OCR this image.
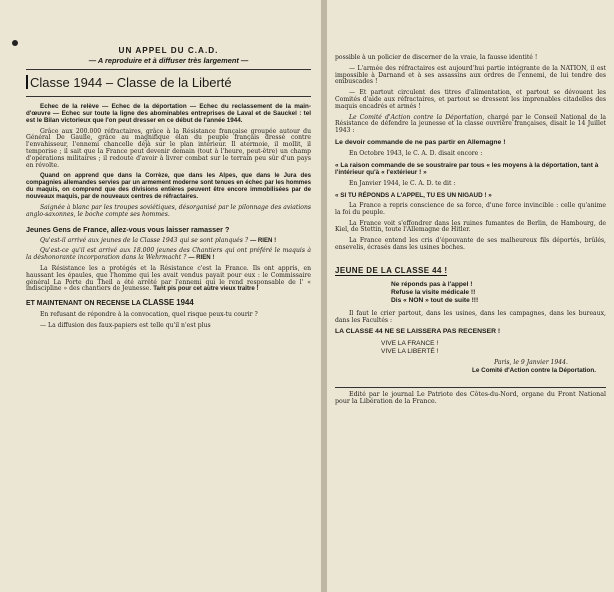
UN APPEL DU C.A.D.
— A reproduire et à diffuser très largement —
Classe 1944 – Classe de la Liberté

Echec de la relève — Echec de la déportation — Echec du reclassement de la main-d'œuvre — Echec sur toute la ligne des abominables entreprises de Laval et de Sauckel : tel est le Bilan victorieux que l'on peut dresser en ce début de l'année 1944.

Grâce aux 200.000 réfractaires, grâce à la Résistance française groupée autour du Général De Gaulle, grâce au magnifique élan du peuple français dressé contre l'envahisseur, l'ennemi chancelle déjà sur le plan intérieur. Il atermoie, il mollit, il temporise ; il sait que la France peut devenir demain (tout à l'heure, peut-être) un champ d'opérations militaires ; il redoute d'avoir à livrer combat sur le terrain peu sûr d'un pays en révolte.

Quand on apprend que dans la Corrèze, que dans les Alpes, que dans le Jura des compagnies allemandes servies par un armement moderne sont tenues en échec par les hommes du maquis, on comprend que des divisions entières peuvent être encore immobilisées par de nouveaux maquis, par de nouveaux centres de réfractaires.

Saignée à blanc par les troupes soviétiques, désorganisé par le pilonnage des aviations anglo-saxonnes, le boche compte ses hommes.

Jeunes Gens de France, allez-vous vous laisser ramasser ?

Qu'est-il arrivé aux jeunes de la Classe 1943 qui se sont planqués ? — RIEN !

Qu'est-ce qu'il est arrivé aux 18.000 jeunes des Chantiers qui ont préféré le maquis à la déshonorante incorporation dans la Wehrmacht ? — RIEN !

La Résistance les a protégés et la Résistance c'est la France. Ils ont appris, en haussant les épaules, que l'homme qui les avait vendus payait pour eux : le Commissaire général La Porte du Theil a été arrêté par l'ennemi qui le rend responsable de l' « indiscipline » des chantiers de Jeunesse. Tant pis pour cet autre vieux traître !

ET MAINTENANT ON RECENSE LA CLASSE 1944

En refusant de répondre à la convocation, quel risque peux-tu courir ?

— La diffusion des faux-papiers est telle qu'il n'est plus

possible à un policier de discerner de la vraie, la fausse identité !

— L'armée des réfractaires est aujourd'hui partie intégrante de la NATION, il est impossible à Darnand et à ses assassins aux ordres de l'ennemi, de lui tendre des embuscades !

— Et partout circulent des titres d'alimentation, et partout se dévouent les Comités d'aide aux réfractaires, et partout se dressent les imprenables citadelles des maquis encadrés et armés !

Le Comité d'Action contre la Déportation, chargé par le Conseil National de la Résistance de défendre la jeunesse et la classe ouvrière françaises, disait le 14 Juillet 1943 :

Le devoir commande de ne pas partir en Allemagne !

En Octobre 1943, le C. A. D. disait encore :

« La raison commande de se soustraire par tous « les moyens à la déportation, tant à l'intérieur qu'à « l'extérieur ! »

En Janvier 1944, le C. A. D. te dit :

« SI TU RÉPONDS A L'APPEL, TU ES UN NIGAUD ! »

La France a repris conscience de sa force, d'une force invincible : celle qu'anime la foi du peuple.

La France voit s'effondrer dans les ruines fumantes de Berlin, de Hambourg, de Kiel, de Stettin, toute l'Allemagne de Hitler.

La France entend les cris d'épouvante de ses malheureux fils déportés, brûlés, ensevelis, écrasés dans les usines boches.

JEUNE DE LA CLASSE 44 !

Ne réponds pas à l'appel !

Refuse la visite médicale !!

Dis « NON » tout de suite !!!

Il faut le crier partout, dans les usines, dans les campagnes, dans les bureaux, dans les Facultés :

LA CLASSE 44 NE SE LAISSERA PAS RECENSER !

VIVE LA FRANCE !

VIVE LA LIBERTÉ !

Paris, le 9 Janvier 1944.

Le Comité d'Action contre la Déportation.

Edité par le journal Le Patriote des Côtes-du-Nord, organe du Front National pour la Libération de la France.
